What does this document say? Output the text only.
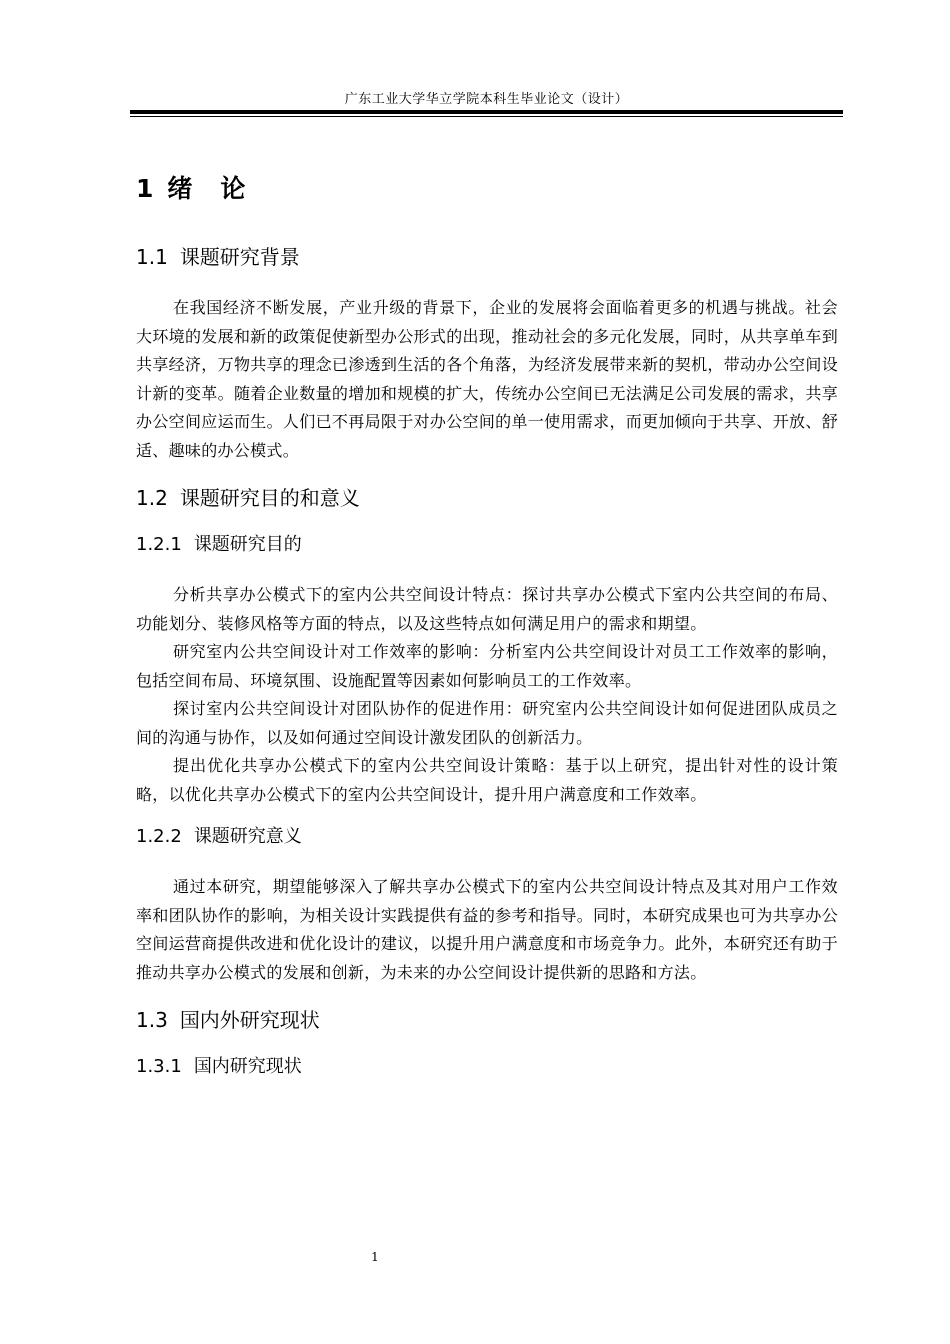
广东工业大学华立学院本科生毕业论文（设计）
1 绪 论
1.1 课题研究背景

在我国经济不断发展，产业升级的背景下，企业的发展将会面临着更多的机遇与挑战。社会大环境的发展和新的政策促使新型办公形式的出现，推动社会的多元化发展，同时，从共享单车到共享经济，万物共享的理念已渗透到生活的各个角落，为经济发展带来新的契机，带动办公空间设计新的变革。随着企业数量的增加和规模的扩大，传统办公空间已无法满足公司发展的需求，共享办公空间应运而生。人们已不再局限于对办公空间的单一使用需求，而更加倾向于共享、开放、舒适、趣味的办公模式。

1.2 课题研究目的和意义
1.2.1 课题研究目的

分析共享办公模式下的室内公共空间设计特点：探讨共享办公模式下室内公共空间的布局、功能划分、装修风格等方面的特点，以及这些特点如何满足用户的需求和期望。

研究室内公共空间设计对工作效率的影响：分析室内公共空间设计对员工工作效率的影响，包括空间布局、环境氛围、设施配置等因素如何影响员工的工作效率。

探讨室内公共空间设计对团队协作的促进作用：研究室内公共空间设计如何促进团队成员之间的沟通与协作，以及如何通过空间设计激发团队的创新活力。

提出优化共享办公模式下的室内公共空间设计策略：基于以上研究，提出针对性的设计策略，以优化共享办公模式下的室内公共空间设计，提升用户满意度和工作效率。

1.2.2 课题研究意义

通过本研究，期望能够深入了解共享办公模式下的室内公共空间设计特点及其对用户工作效率和团队协作的影响，为相关设计实践提供有益的参考和指导。同时，本研究成果也可为共享办公空间运营商提供改进和优化设计的建议，以提升用户满意度和市场竞争力。此外，本研究还有助于推动共享办公模式的发展和创新，为未来的办公空间设计提供新的思路和方法。

1.3 国内外研究现状
1.3.1 国内研究现状
1
